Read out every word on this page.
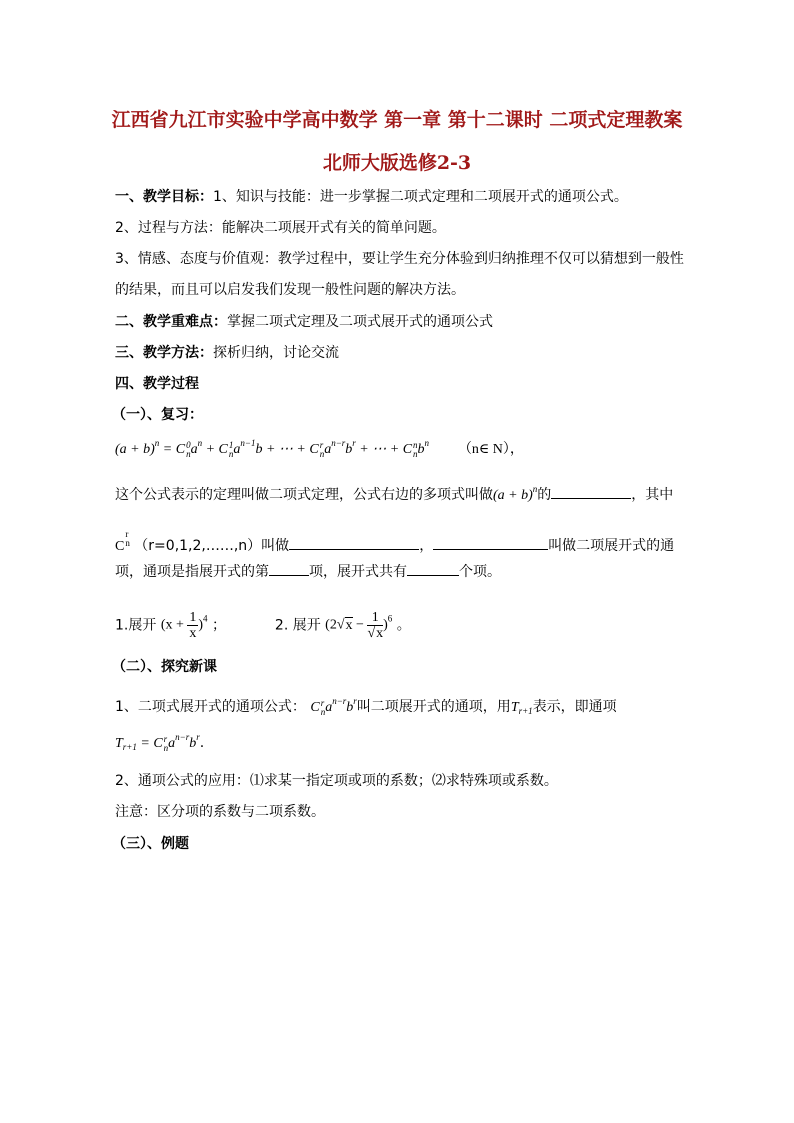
江西省九江市实验中学高中数学 第一章 第十二课时 二项式定理教案
北师大版选修2-3
一、教学目标：1、知识与技能：进一步掌握二项式定理和二项展开式的通项公式。
2、过程与方法：能解决二项展开式有关的简单问题。
3、情感、态度与价值观：教学过程中，要让学生充分体验到归纳推理不仅可以猜想到一般性
的结果，而且可以启发我们发现一般性问题的解决方法。
二、教学重难点：掌握二项式定理及二项式展开式的通项公式
三、教学方法：探析归纳，讨论交流
四、教学过程
（一）、复习：
$(a + b)^n = C0$
$na^n + C1$
$na^{n-1}b$ + ⋯ + Cr
$na^{n-r}b^r$ + ⋯ + Cn
$nb^n$ （n∈ N），
这个公式表示的定理叫做二项式定理，公式右边的多项式叫做$(a + b)^n$的	，其中
Cr
n （r=0,1,2,……,n）叫做	，	叫做二项展开式的通
项，通项是指展开式的第	项，展开式共有	个项。
1.展开 $(x + \frac{1}{x} )^4$ ；	2. 展开 $(2√x - \frac{1}{√x} )^6$ 。
（二）、探究新课
1、二项式展开式的通项公式： Cr
$na^{n-r}b^r$叫二项展开式的通项，用$T_{r+1}$表示，即通项
$T_{r+1} = Cr$
$na^{n-r}b^r$.
2、通项公式的应用：⑴求某一指定项或项的系数；⑵求特殊项或系数。
注意：区分项的系数与二项系数。
（三）、例题
